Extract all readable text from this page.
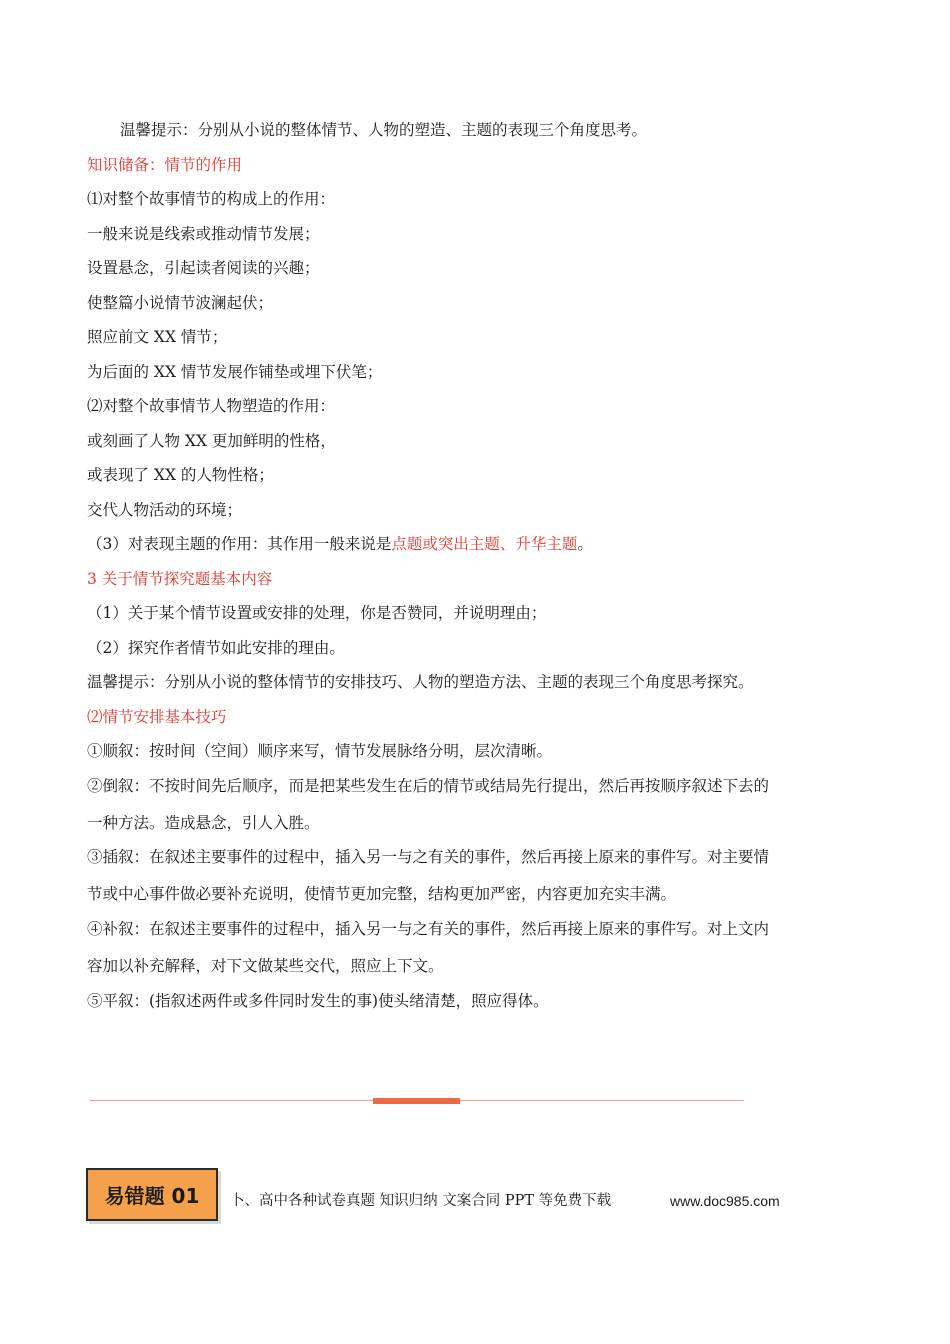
温馨提示：分别从小说的整体情节、人物的塑造、主题的表现三个角度思考。
知识储备：情节的作用
⑴对整个故事情节的构成上的作用：
一般来说是线索或推动情节发展；
设置悬念，引起读者阅读的兴趣；
使整篇小说情节波澜起伏；
照应前文 XX 情节；
为后面的 XX 情节发展作铺垫或埋下伏笔；
⑵对整个故事情节人物塑造的作用：
或刻画了人物 XX 更加鲜明的性格，
或表现了 XX 的人物性格；
交代人物活动的环境；
（3）对表现主题的作用：其作用一般来说是点题或突出主题、升华主题。
3 关于情节探究题基本内容
（1）关于某个情节设置或安排的处理，你是否赞同，并说明理由；
（2）探究作者情节如此安排的理由。
温馨提示：分别从小说的整体情节的安排技巧、人物的塑造方法、主题的表现三个角度思考探究。
⑵情节安排基本技巧
①顺叙：按时间（空间）顺序来写，情节发展脉络分明，层次清晰。
②倒叙：不按时间先后顺序，而是把某些发生在后的情节或结局先行提出，然后再按顺序叙述下去的
一种方法。造成悬念，引人入胜。
③插叙：在叙述主要事件的过程中，插入另一与之有关的事件，然后再接上原来的事件写。对主要情
节或中心事件做必要补充说明，使情节更加完整，结构更加严密，内容更加充实丰满。
④补叙：在叙述主要事件的过程中，插入另一与之有关的事件，然后再接上原来的事件写。对上文内
容加以补充解释，对下文做某些交代，照应上下文。
⑤平叙：(指叙述两件或多件同时发生的事)使头绪清楚，照应得体。
易错题 01	卜、高中各种试卷真题 知识归纳 文案合同 PPT 等免费下载	www.doc985.com
